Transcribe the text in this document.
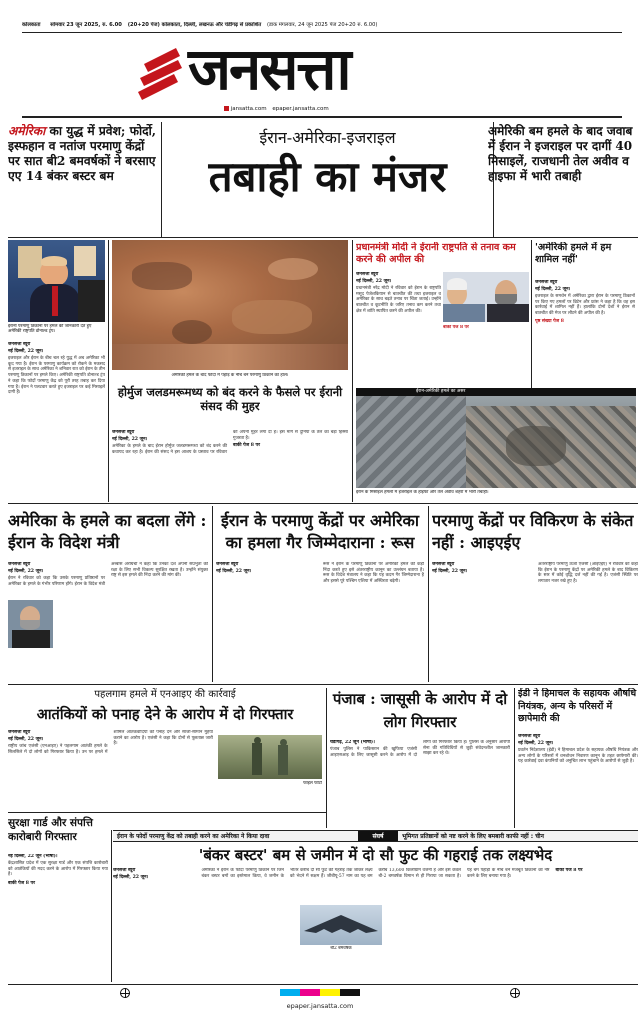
कोलकाता सोमवार 23 जून 2025, रु. 6.00 (20+20 पेज) कोलकाता, दिल्ली, लखनऊ और चंडीगढ़ से प्रकाशित (डाक मंगलवार, 24 जून 2025 पेज 20+20 रु. 6.00)
जनसत्ता
jansatta.com epaper.jansatta.com
अमेरिका का युद्ध में प्रवेश; फोर्दो, इस्फहान व नतांज परमाणु केंद्रों पर सात बी2 बमवर्षकों ने बरसाए एए 14 बंकर बस्टर बम
ईरान-अमेरिका-इजराइल
तबाही का मंजर
अमेरिकी बम हमले के बाद जवाब में ईरान ने इजराइल पर दागीं 40 मिसाइलें, राजधानी तेल अवीव व हाइफा में भारी तबाही
ईरानी परमाणु ठिकानों पर हमले की जानकारी देते हुए अमेरिकी राष्ट्रपति डोनाल्ड ट्रंप।
जनसत्ता ब्यूरो
नई दिल्ली, 22 जून।
इजराइल और ईरान के बीच चल रहे युद्ध में अब अमेरिका भी कूद गया है। ईरान के परमाणु कार्यक्रम को रोकने के मकसद से इजराइल के साथ अमेरिका ने शनिवार रात को ईरान के तीन परमाणु ठिकानों पर हमले किए। अमेरिकी राष्ट्रपति डोनाल्ड ट्रंप ने कहा कि फोर्दो परमाणु केंद्र को पूरी तरह तबाह कर दिया गया है। ईरान ने पलटवार करते हुए इजराइल पर कई मिसाइलें दागी हैं।
अमेरिकी हमले के बाद फोर्दो में पहाड़ के नीचे बने परमाणु ठिकाने का हाल।
होर्मुज जलडमरूमध्य को बंद करने के फैसले पर ईरानी संसद की मुहर
जनसत्ता ब्यूरो
नई दिल्ली, 22 जून।
अमेरिका के हमले के बाद ईरान होर्मुज जलडमरूमध्य को बंद करने की कवायद कर रहा है। ईरान की संसद ने इस आशय के प्रस्ताव पर रविवार को अपनी मुहर लगा दी है। इस मार्ग से दुनिया के तेल का बड़ा हिस्सा गुजरता है।
बाकी पेज 8 पर
प्रधानमंत्री मोदी ने ईरानी राष्ट्रपति से तनाव कम करने की अपील की
जनसत्ता ब्यूरो
नई दिल्ली, 22 जून।
प्रधानमंत्री नरेंद्र मोदी ने रविवार को ईरान के राष्ट्रपति मसूद पेजेशकियान से बातचीत की तथा इजराइल व अमेरिका के साथ बढ़ते तनाव पर चिंता जताई। उन्होंने बातचीत व कूटनीति के जरिए तनाव कम करने तथा क्षेत्र में शांति स्थापित करने की अपील की।
बाकी पेज 8 पर
'अमेरिकी हमले में हम शामिल नहीं'
जनसत्ता ब्यूरो
नई दिल्ली, 22 जून।
इजराइल के समर्थन में अमेरिका द्वारा ईरान के परमाणु ठिकानों पर किए गए हमलों पर ब्रिटेन और फ्रांस ने कहा है कि वह इस कार्रवाई में शामिल नहीं हैं। हालांकि दोनों देशों ने ईरान से बातचीत की मेज पर लौटने की अपील की है।
पृष्ठ संख्या पेज 8
ईरान-अमेरिकी हमले का असर
ईरान के मिसाइल हमलों में इजराइल के हाइफा और तेल अवीव शहरों में भारी तबाही।
अमेरिका के हमले का बदला लेंगे : ईरान के विदेश मंत्री
जनसत्ता ब्यूरो
नई दिल्ली, 22 जून।
ईरान ने रविवार को कहा कि उसके परमाणु प्रतिष्ठानों पर अमेरिका के हमले के गंभीर परिणाम होंगे। ईरान के विदेश मंत्री अब्बास अराघची ने कहा कि उनका देश अपनी संप्रभुता की रक्षा के लिए सभी विकल्प सुरक्षित रखता है। उन्होंने संयुक्त राष्ट्र से इस हमले की निंदा करने की मांग की।
ईरान के परमाणु केंद्रों पर अमेरिका का हमला गैर जिम्मेदाराना : रूस
जनसत्ता ब्यूरो
नई दिल्ली, 22 जून।
रूस ने ईरान के परमाणु ठिकानों पर अमेरिकी हमले की कड़ी निंदा करते हुए इसे अंतरराष्ट्रीय कानून का उल्लंघन बताया है। रूस के विदेश मंत्रालय ने कहा कि यह कदम गैर जिम्मेदाराना है और इससे पूरे पश्चिम एशिया में अस्थिरता बढ़ेगी।
परमाणु केंद्रों पर विकिरण के संकेत नहीं : आइएईए
जनसत्ता ब्यूरो
नई दिल्ली, 22 जून।
अंतरराष्ट्रीय परमाणु ऊर्जा एजंसी (आइएईए) ने रविवार को कहा कि ईरान के परमाणु केंद्रों पर अमेरिकी हमले के बाद विकिरण के स्तर में कोई वृद्धि दर्ज नहीं की गई है। एजंसी स्थिति पर लगातार नजर रखे हुए है।
पहलगाम हमले में एनआइए की कार्रवाई
आतंकियों को पनाह देने के आरोप में दो गिरफ्तार
जनसत्ता ब्यूरो
नई दिल्ली, 22 जून।
राष्ट्रीय जांच एजंसी (एनआइए) ने पहलगाम आतंकी हमले के सिलसिले में दो लोगों को गिरफ्तार किया है। उन पर हमले में शामिल आतंकवादियों को पनाह देने और साजो-सामान मुहैया कराने का आरोप है। एजंसी ने कहा कि दोनों से पूछताछ जारी है।
फाइल फोटो
पंजाब : जासूसी के आरोप में दो लोग गिरफ्तार
चंडीगढ़, 22 जून (भाषा)।
पंजाब पुलिस ने पाकिस्तान की खुफिया एजंसी आइएसआइ के लिए जासूसी करने के आरोप में दो लोगों को गिरफ्तार किया है। पुलिस के अनुसार आरोपी सेना की गतिविधियों से जुड़ी संवेदनशील जानकारी साझा कर रहे थे।
ईडी ने हिमाचल के सहायक औषधि नियंत्रक, अन्य के परिसरों में छापेमारी की
जनसत्ता ब्यूरो
नई दिल्ली, 22 जून।
प्रवर्तन निदेशालय (ईडी) ने हिमाचल प्रदेश के सहायक औषधि नियंत्रक और अन्य लोगों के परिसरों में धनशोधन निवारण कानून के तहत छापेमारी की। यह कार्रवाई दवा कंपनियों को अनुचित लाभ पहुंचाने के आरोपों से जुड़ी है।
सुरक्षा गार्ड और संपत्ति कारोबारी गिरफ्तार
नई दिल्ली, 22 जून (भाषा)।
केंद्रशासित प्रदेश में एक सुरक्षा गार्ड और एक संपत्ति कारोबारी को आतंकियों की मदद करने के आरोप में गिरफ्तार किया गया है।
बाकी पेज 8 पर
ईरान के फोर्दो परमाणु केंद्र को तबाही करने का अमेरिका ने किया दावा	संघर्ष	भूमिगत प्रतिष्ठानों को नष्ट करने के लिए बमबारी काफी नहीं : चीन
'बंकर बस्टर' बम से जमीन में दो सौ फुट की गहराई तक लक्ष्यभेद
जनसत्ता ब्यूरो
नई दिल्ली, 22 जून।
अमेरिका ने ईरान के फोर्दो परमाणु ठिकाने पर जिन बंकर बस्टर बमों का इस्तेमाल किया, वे जमीन के भीतर करीब दो सौ फुट की गहराई तक जाकर लक्ष्य को भेदने में सक्षम हैं। जीबीयू-57 नाम का यह बम करीब 13,600 किलोग्राम वजनी है और इसे केवल बी-2 बमवर्षक विमान से ही गिराया जा सकता है। यह बम पहाड़ों के नीचे बने मजबूत ठिकानों को नष्ट करने के लिए बनाया गया है।
बाकी पेज 8 पर
बी2 बमवर्षक
epaper.jansatta.com
